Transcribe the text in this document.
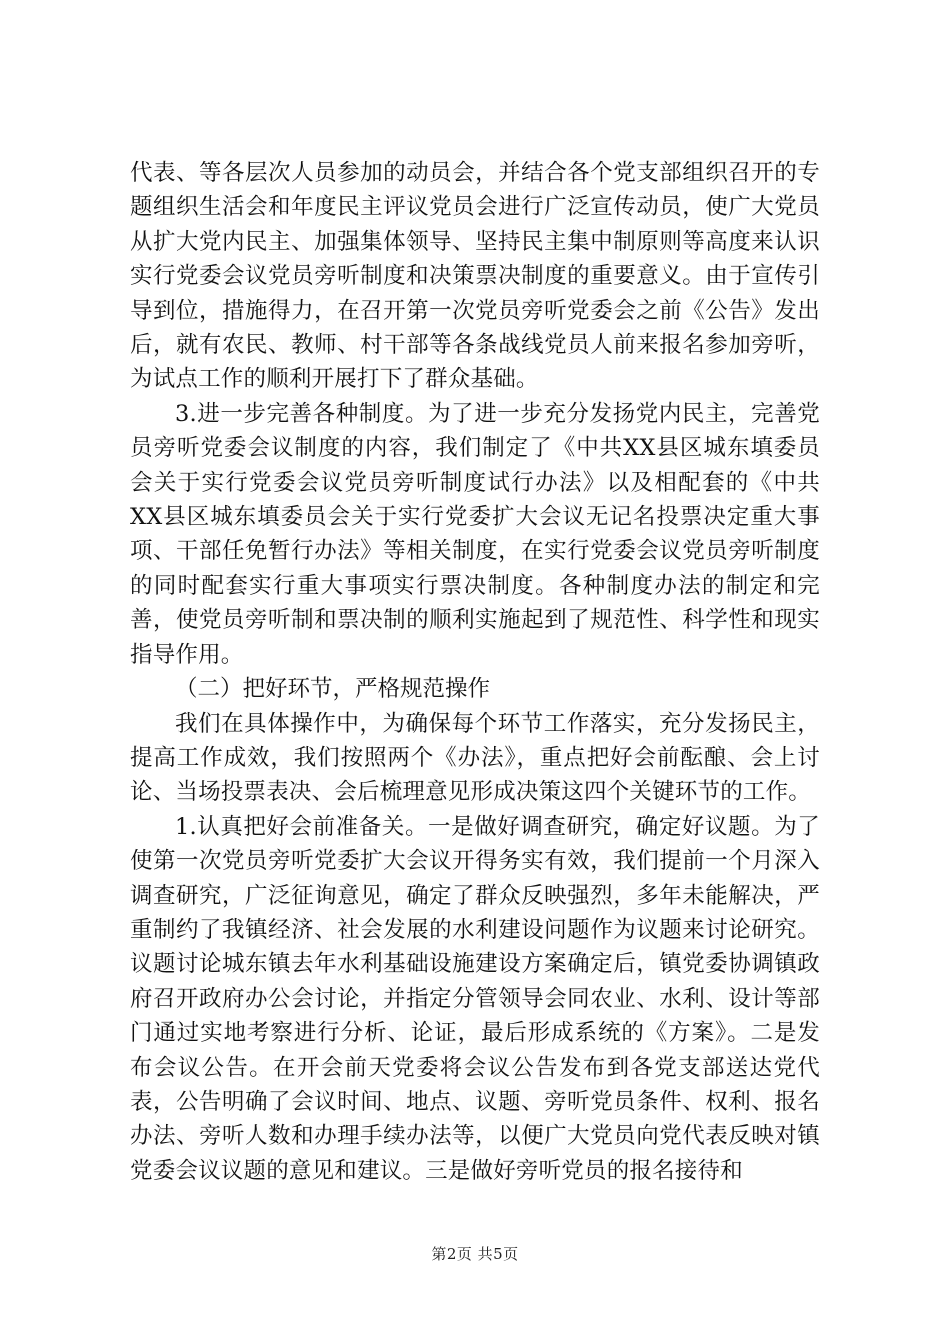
代表、等各层次人员参加的动员会，并结合各个党支部组织召开的专题组织生活会和年度民主评议党员会进行广泛宣传动员，使广大党员从扩大党内民主、加强集体领导、坚持民主集中制原则等高度来认识实行党委会议党员旁听制度和决策票决制度的重要意义。由于宣传引导到位，措施得力，在召开第一次党员旁听党委会之前《公告》发出后，就有农民、教师、村干部等各条战线党员人前来报名参加旁听，为试点工作的顺利开展打下了群众基础。

3.进一步完善各种制度。为了进一步充分发扬党内民主，完善党员旁听党委会议制度的内容，我们制定了《中共XX县区城东填委员会关于实行党委会议党员旁听制度试行办法》以及相配套的《中共XX县区城东填委员会关于实行党委扩大会议无记名投票决定重大事项、干部任免暂行办法》等相关制度，在实行党委会议党员旁听制度的同时配套实行重大事项实行票决制度。各种制度办法的制定和完善，使党员旁听制和票决制的顺利实施起到了规范性、科学性和现实指导作用。

（二）把好环节，严格规范操作

我们在具体操作中，为确保每个环节工作落实，充分发扬民主，提高工作成效，我们按照两个《办法》，重点把好会前酝酿、会上讨论、当场投票表决、会后梳理意见形成决策这四个关键环节的工作。

1.认真把好会前准备关。一是做好调查研究，确定好议题。为了使第一次党员旁听党委扩大会议开得务实有效，我们提前一个月深入调查研究，广泛征询意见，确定了群众反映强烈，多年未能解决，严重制约了我镇经济、社会发展的水利建设问题作为议题来讨论研究。议题讨论城东镇去年水利基础设施建设方案确定后，镇党委协调镇政府召开政府办公会讨论，并指定分管领导会同农业、水利、设计等部门通过实地考察进行分析、论证，最后形成系统的《方案》。二是发布会议公告。在开会前天党委将会议公告发布到各党支部送达党代表，公告明确了会议时间、地点、议题、旁听党员条件、权利、报名办法、旁听人数和办理手续办法等，以便广大党员向党代表反映对镇党委会议议题的意见和建议。三是做好旁听党员的报名接待和

第2页 共5页
